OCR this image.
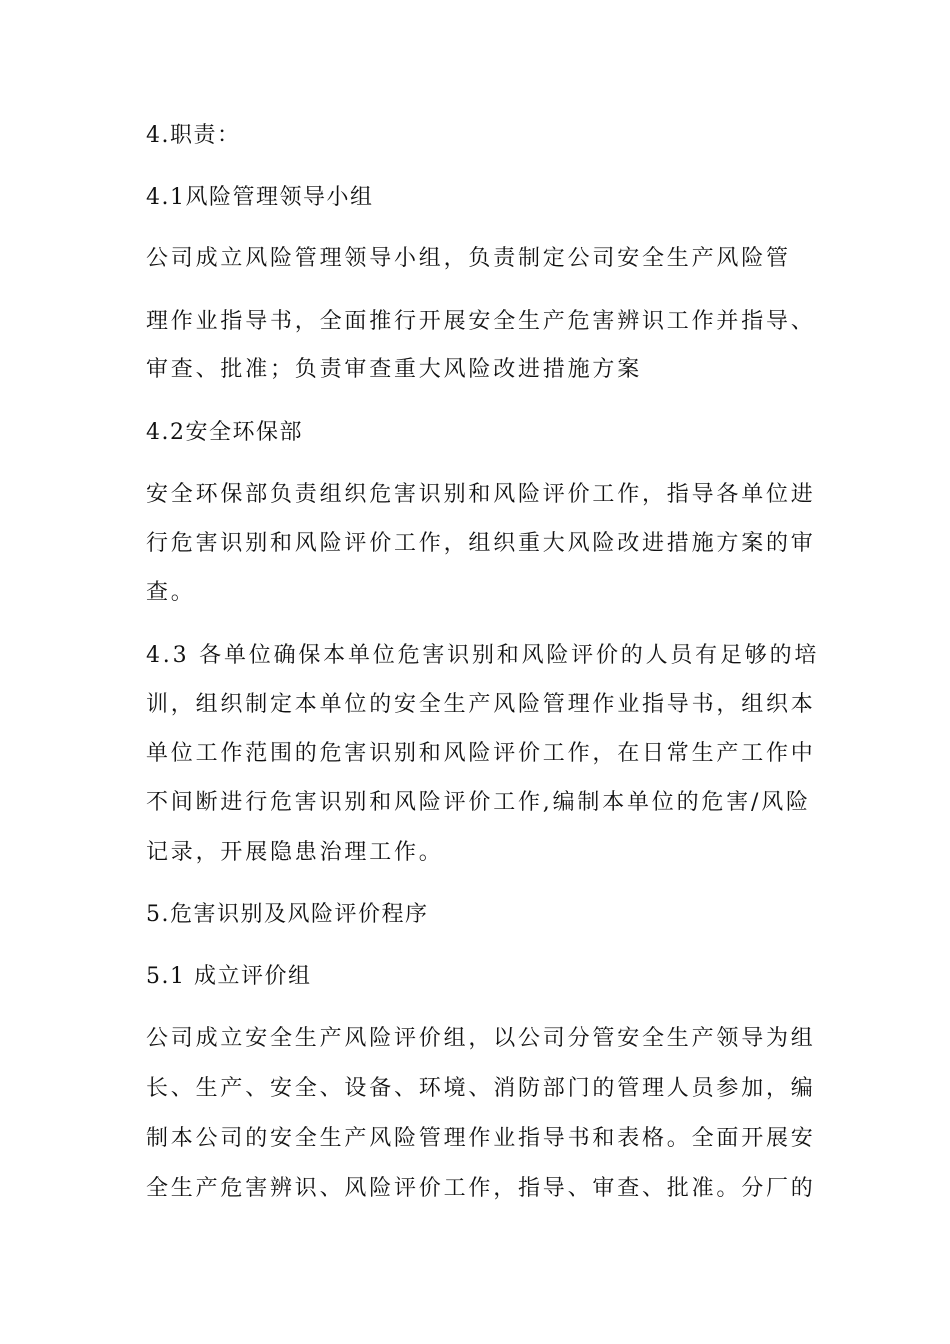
4.职责：
4.1风险管理领导小组
公司成立风险管理领导小组，负责制定公司安全生产风险管
理作业指导书，全面推行开展安全生产危害辨识工作并指导、
审查、批准；负责审查重大风险改进措施方案
4.2安全环保部
安全环保部负责组织危害识别和风险评价工作，指导各单位进
行危害识别和风险评价工作，组织重大风险改进措施方案的审
查。
4.3 各单位确保本单位危害识别和风险评价的人员有足够的培
训，组织制定本单位的安全生产风险管理作业指导书，组织本
单位工作范围的危害识别和风险评价工作，在日常生产工作中
不间断进行危害识别和风险评价工作,编制本单位的危害/风险
记录，开展隐患治理工作。
5.危害识别及风险评价程序
5.1 成立评价组
公司成立安全生产风险评价组，以公司分管安全生产领导为组
长、生产、安全、设备、环境、消防部门的管理人员参加，编
制本公司的安全生产风险管理作业指导书和表格。全面开展安
全生产危害辨识、风险评价工作，指导、审查、批准。分厂的
